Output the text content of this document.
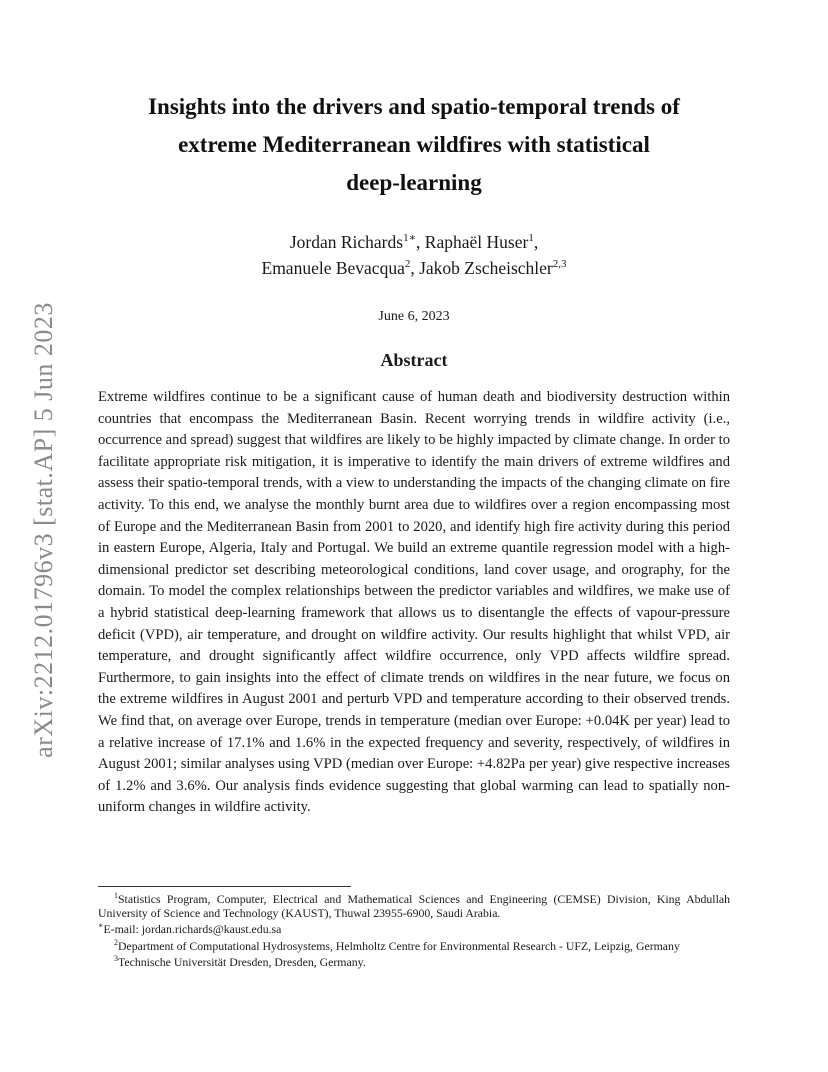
arXiv:2212.01796v3 [stat.AP] 5 Jun 2023
Insights into the drivers and spatio-temporal trends of
extreme Mediterranean wildfires with statistical
deep-learning
Jordan Richards$^{1∗}$, Raphaël Huser$^1$,
Emanuele Bevacqua$^2$, Jakob Zscheischler$^{2,3}$
June 6, 2023
Abstract
Extreme wildfires continue to be a significant cause of human death and biodiversity destruction within countries that encompass the Mediterranean Basin. Recent worrying trends in wildfire activity (i.e., occurrence and spread) suggest that wildfires are likely to be highly impacted by climate change. In order to facilitate appropriate risk mitigation, it is imperative to identify the main drivers of extreme wildfires and assess their spatio-temporal trends, with a view to understanding the impacts of the changing climate on fire activity. To this end, we analyse the monthly burnt area due to wildfires over a region encompassing most of Europe and the Mediterranean Basin from 2001 to 2020, and identify high fire activity during this period in eastern Europe, Algeria, Italy and Portugal. We build an extreme quantile regression model with a high-dimensional predictor set describing meteorological conditions, land cover usage, and orography, for the domain. To model the complex relationships between the predictor variables and wildfires, we make use of a hybrid statistical deep-learning framework that allows us to disentangle the effects of vapour-pressure deficit (VPD), air temperature, and drought on wildfire activity. Our results highlight that whilst VPD, air temperature, and drought significantly affect wildfire occurrence, only VPD affects wildfire spread. Furthermore, to gain insights into the effect of climate trends on wildfires in the near future, we focus on the extreme wildfires in August 2001 and perturb VPD and temperature according to their observed trends. We find that, on average over Europe, trends in temperature (median over Europe: +0.04K per year) lead to a relative increase of 17.1% and 1.6% in the expected frequency and severity, respectively, of wildfires in August 2001; similar analyses using VPD (median over Europe: +4.82Pa per year) give respective increases of 1.2% and 3.6%. Our analysis finds evidence suggesting that global warming can lead to spatially non-uniform changes in wildfire activity.

$^1$Statistics Program, Computer, Electrical and Mathematical Sciences and Engineering (CEMSE) Division, King Abdullah University of Science and Technology (KAUST), Thuwal 23955-6900, Saudi Arabia.

∗E-mail: jordan.richards@kaust.edu.sa

$^2$Department of Computational Hydrosystems, Helmholtz Centre for Environmental Research - UFZ, Leipzig, Germany

$^3$Technische Universität Dresden, Dresden, Germany.
